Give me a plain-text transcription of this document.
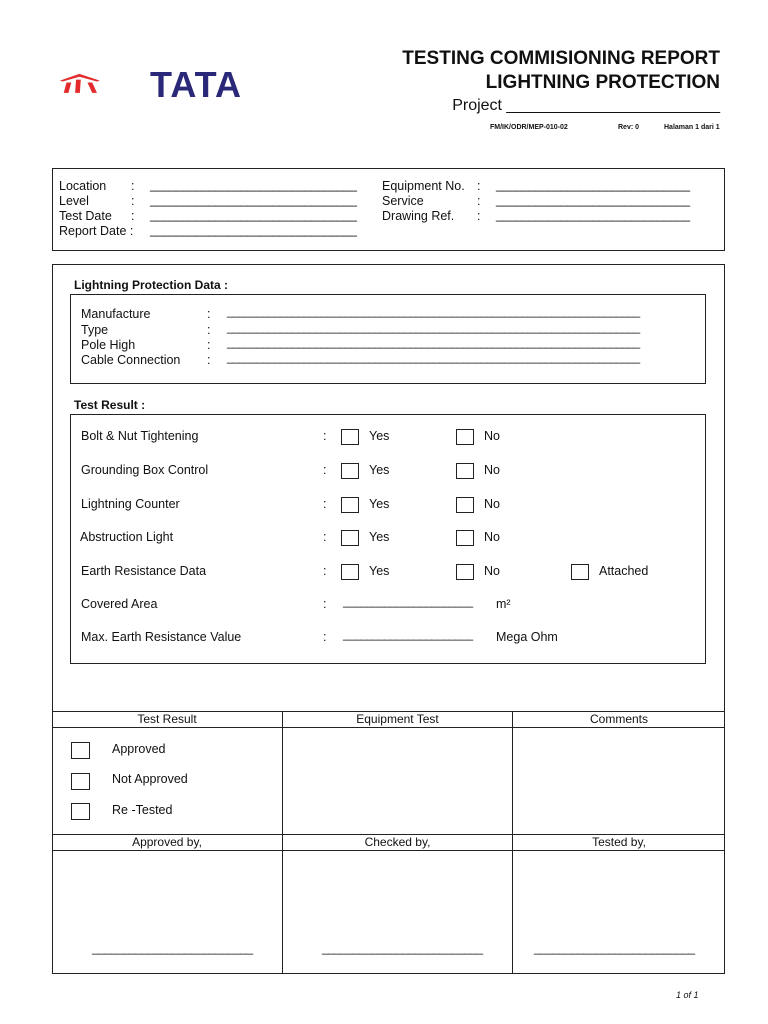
TATA
TESTING COMMISIONING REPORT
LIGHTNING PROTECTION
Project ________________________
FM/IK/ODR/MEP-010-02	Rev: 0	Halaman 1 dari 1
Location : ________________________________
Level	: ________________________________
Test Date : ________________________________
Report Date : ________________________________
Equipment No. : ______________________________
Service	: ______________________________
Drawing Ref. : ______________________________
Lightning Protection Data :
Manufacture	: ______________________________________________________________________
Type	: ______________________________________________________________________
Pole High	: ______________________________________________________________________
Cable Connection : ______________________________________________________________________
Test Result :
Bolt & Nut Tightening	:	Yes	No
Grounding Box Control	:	Yes	No
Lightning Counter	:	Yes	No
Abstruction Light	:	Yes	No
Earth Resistance Data	:	Yes	No	Attached
Covered Area	: ______________________ m²
Max. Earth Resistance Value	: ______________________ Mega Ohm
Test Result	Equipment Test	Comments
Approved
Not Approved
Re -Tested
Approved by,	Checked by,	Tested by,
__________________________	__________________________	__________________________
1 of 1
